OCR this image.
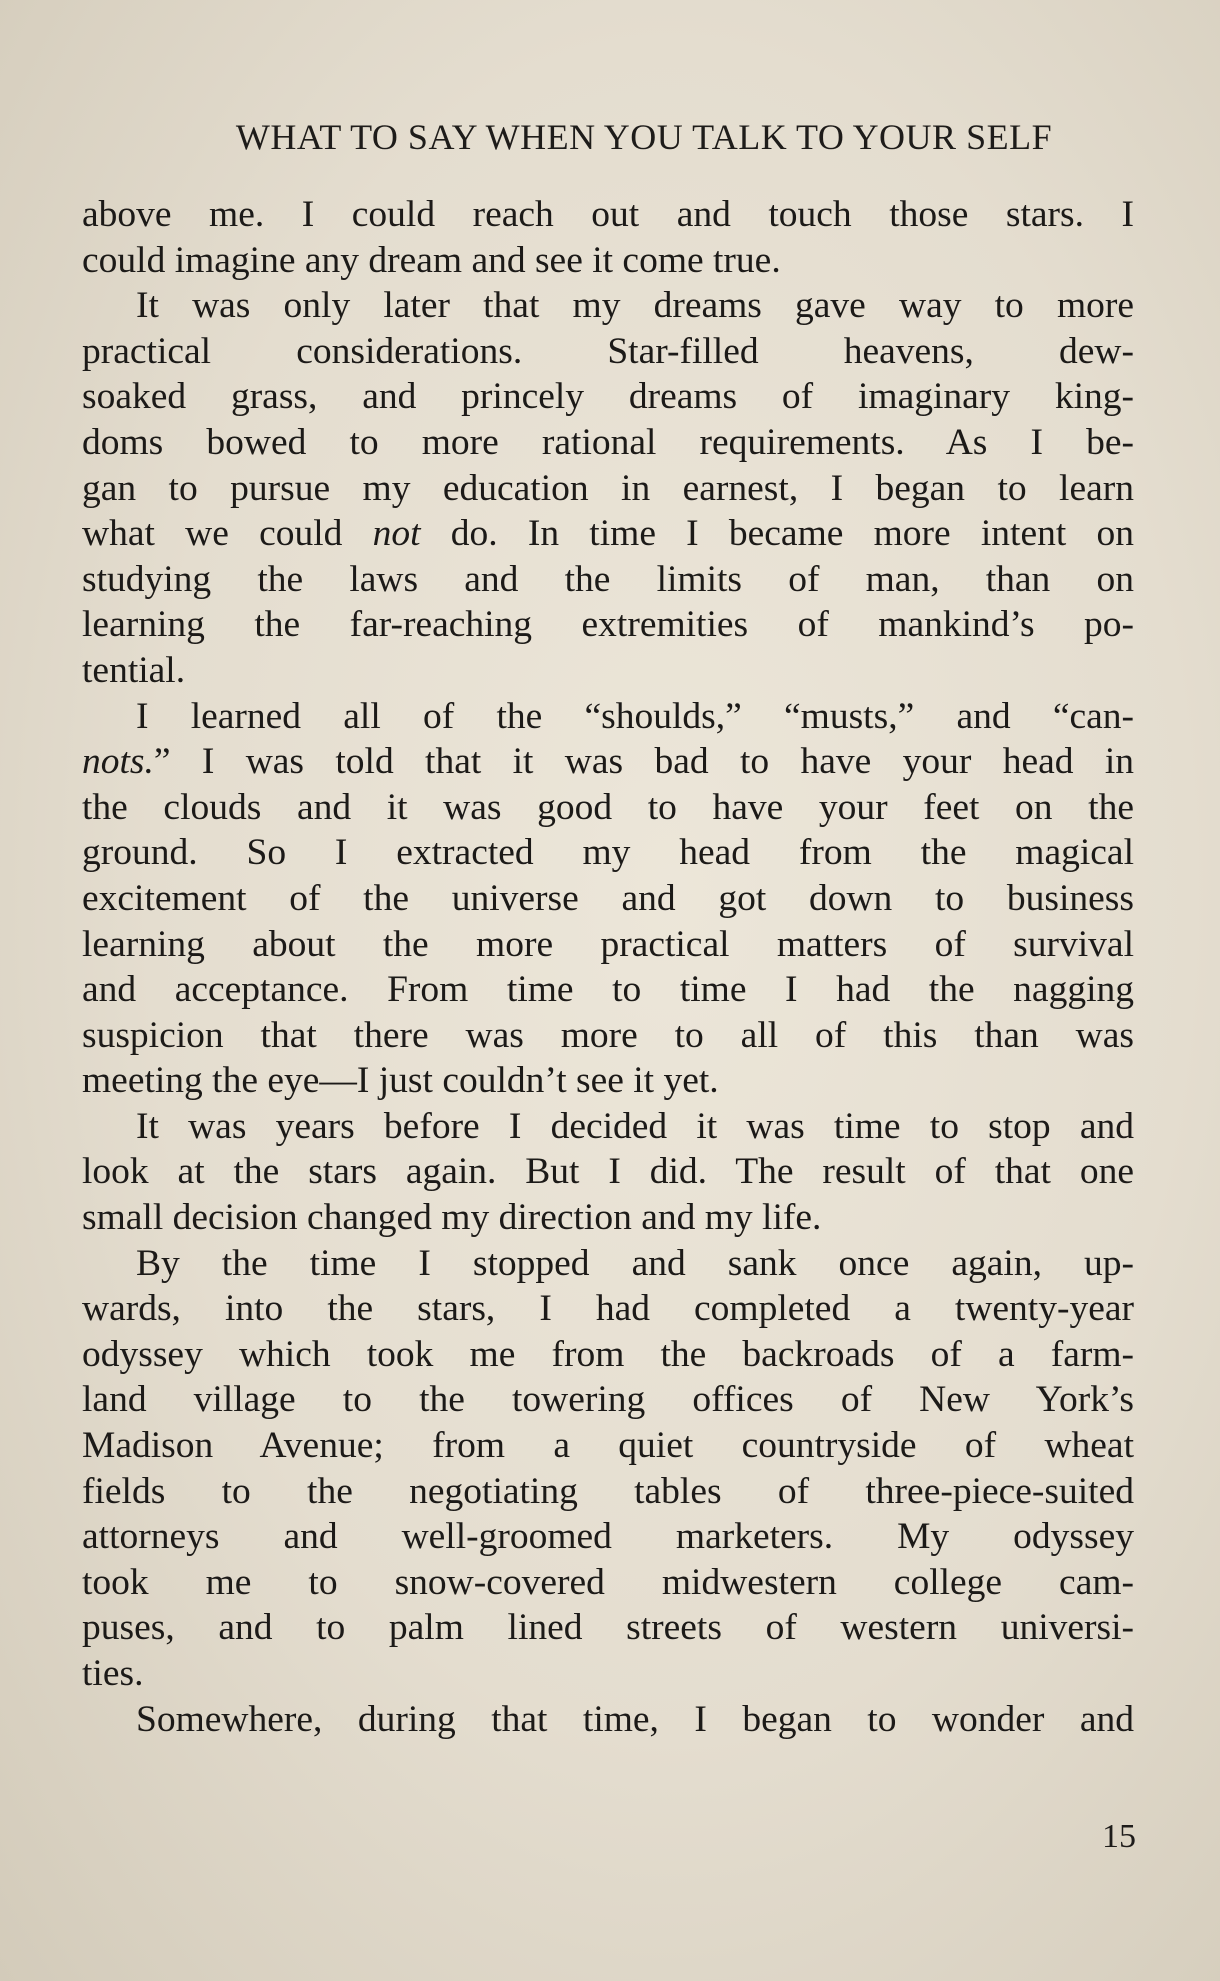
WHAT TO SAY WHEN YOU TALK TO YOUR SELF
above me. I could reach out and touch those stars. I
could imagine any dream and see it come true.
It was only later that my dreams gave way to more
practical considerations. Star-filled heavens, dew-
soaked grass, and princely dreams of imaginary king-
doms bowed to more rational requirements. As I be-
gan to pursue my education in earnest, I began to learn
what we could not do. In time I became more intent on
studying the laws and the limits of man, than on
learning the far-reaching extremities of mankind’s po-
tential.
I learned all of the “shoulds,” “musts,” and “can-
nots.” I was told that it was bad to have your head in
the clouds and it was good to have your feet on the
ground. So I extracted my head from the magical
excitement of the universe and got down to business
learning about the more practical matters of survival
and acceptance. From time to time I had the nagging
suspicion that there was more to all of this than was
meeting the eye—I just couldn’t see it yet.
It was years before I decided it was time to stop and
look at the stars again. But I did. The result of that one
small decision changed my direction and my life.
By the time I stopped and sank once again, up-
wards, into the stars, I had completed a twenty-year
odyssey which took me from the backroads of a farm-
land village to the towering offices of New York’s
Madison Avenue; from a quiet countryside of wheat
fields to the negotiating tables of three-piece-suited
attorneys and well-groomed marketers. My odyssey
took me to snow-covered midwestern college cam-
puses, and to palm lined streets of western universi-
ties.
Somewhere, during that time, I began to wonder and
15
